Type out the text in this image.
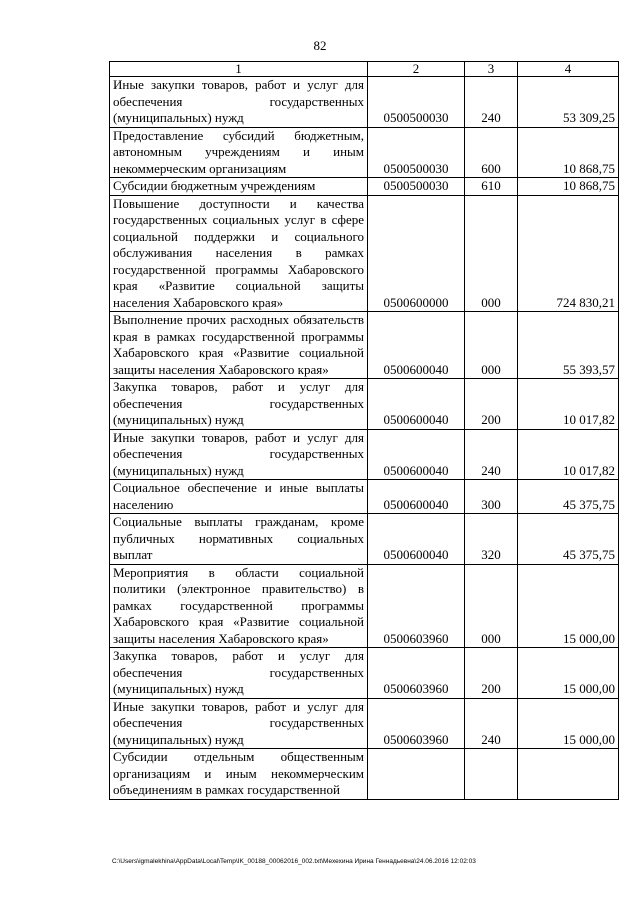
82
1	2	3	4
Иные закупки товаров, работ и услуг для обеспечения государственных (муниципальных) нужд	0500500030	240	53 309,25
Предоставление субсидий бюджетным, автономным учреждениям и иным некоммерческим организациям	0500500030	600	10 868,75
Субсидии бюджетным учреждениям	0500500030	610	10 868,75
Повышение доступности и качества государственных социальных услуг в сфере социальной поддержки и социального обслуживания населения в рамках государственной программы Хабаровского края «Развитие социальной защиты населения Хабаровского края»	0500600000	000	724 830,21
Выполнение прочих расходных обязательств края в рамках государственной программы Хабаровского края «Развитие социальной защиты населения Хабаровского края»	0500600040	000	55 393,57
Закупка товаров, работ и услуг для обеспечения государственных (муниципальных) нужд	0500600040	200	10 017,82
Иные закупки товаров, работ и услуг для обеспечения государственных (муниципальных) нужд	0500600040	240	10 017,82
Социальное обеспечение и иные выплаты населению	0500600040	300	45 375,75
Социальные выплаты гражданам, кроме публичных нормативных социальных выплат	0500600040	320	45 375,75
Мероприятия в области социальной политики (электронное правительство) в рамках государственной программы Хабаровского края «Развитие социальной защиты населения Хабаровского края»	0500603960	000	15 000,00
Закупка товаров, работ и услуг для обеспечения государственных (муниципальных) нужд	0500603960	200	15 000,00
Иные закупки товаров, работ и услуг для обеспечения государственных (муниципальных) нужд	0500603960	240	15 000,00
Субсидии отдельным общественным организациям и иным некоммерческим объединениям в рамках государственной			
C:\Users\igmalekhina\AppData\Local\Temp\IK_00188_00062016_002.txt\Мехехина Ирина Геннадьевна\24.06.2016 12:02:03
